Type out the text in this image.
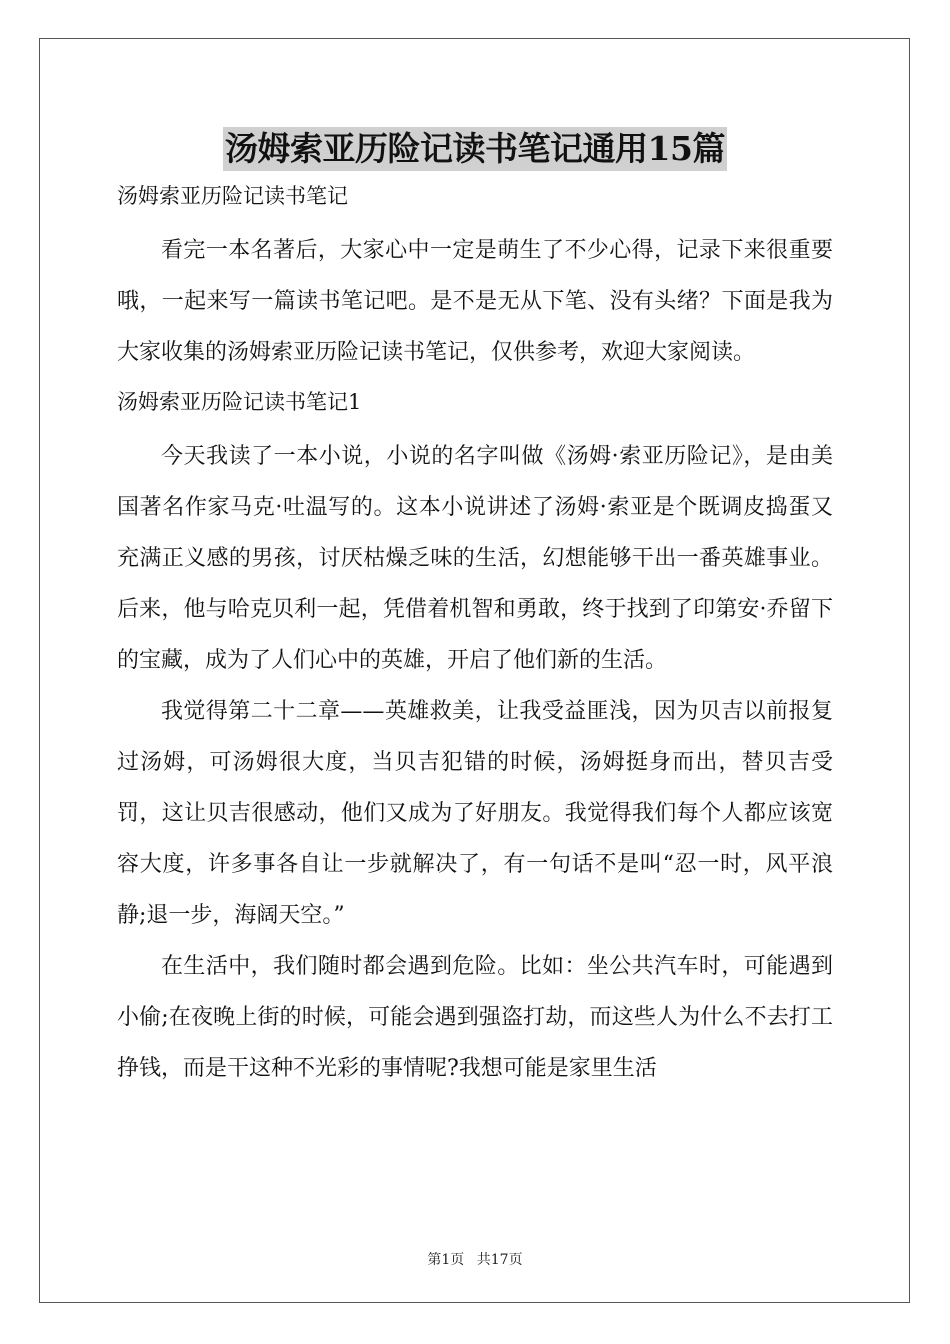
汤姆索亚历险记读书笔记通用15篇
汤姆索亚历险记读书笔记

看完一本名著后，大家心中一定是萌生了不少心得，记录下来很重要哦，一起来写一篇读书笔记吧。是不是无从下笔、没有头绪？下面是我为大家收集的汤姆索亚历险记读书笔记，仅供参考，欢迎大家阅读。

汤姆索亚历险记读书笔记1

今天我读了一本小说，小说的名字叫做《汤姆·索亚历险记》，是由美国著名作家马克·吐温写的。这本小说讲述了汤姆·索亚是个既调皮捣蛋又充满正义感的男孩，讨厌枯燥乏味的生活，幻想能够干出一番英雄事业。后来，他与哈克贝利一起，凭借着机智和勇敢，终于找到了印第安·乔留下的宝藏，成为了人们心中的英雄，开启了他们新的生活。

我觉得第二十二章——英雄救美，让我受益匪浅，因为贝吉以前报复过汤姆，可汤姆很大度，当贝吉犯错的时候，汤姆挺身而出，替贝吉受罚，这让贝吉很感动，他们又成为了好朋友。我觉得我们每个人都应该宽容大度，许多事各自让一步就解决了，有一句话不是叫“忍一时，风平浪静;退一步，海阔天空。”

在生活中，我们随时都会遇到危险。比如：坐公共汽车时，可能遇到小偷;在夜晚上街的时候，可能会遇到强盗打劫，而这些人为什么不去打工挣钱，而是干这种不光彩的事情呢?我想可能是家里生活

第1页 共17页
